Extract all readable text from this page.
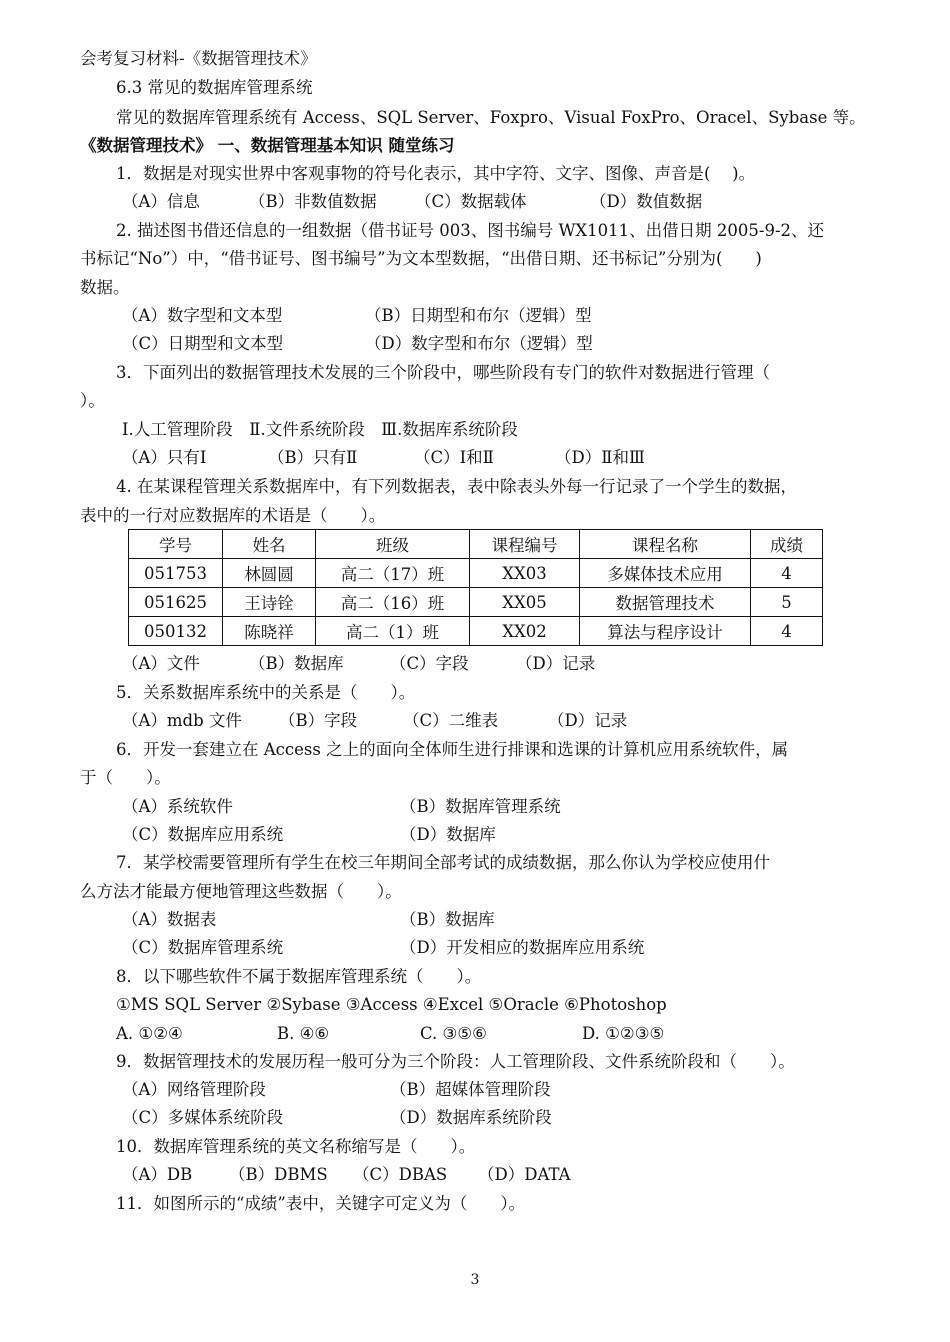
会考复习材料-《数据管理技术》
6.3 常见的数据库管理系统
常见的数据库管理系统有 Access、SQL Server、Foxpro、Visual FoxPro、Oracel、Sybase 等。
《数据管理技术》 一、数据管理基本知识 随堂练习
1．数据是对现实世界中客观事物的符号化表示，其中字符、文字、图像、声音是(　 )。
（A）信息	（B）非数值数据 （C）数据载体	（D）数值数据
2. 描述图书借还信息的一组数据（借书证号 003、图书编号 WX1011、出借日期 2005-9-2、还
书标记“No”）中，“借书证号、图书编号”为文本型数据，“出借日期、还书标记”分别为(　　)
数据。
（A）数字型和文本型	（B）日期型和布尔（逻辑）型
（C）日期型和文本型	（D）数字型和布尔（逻辑）型
3．下面列出的数据管理技术发展的三个阶段中，哪些阶段有专门的软件对数据进行管理（
）。
Ⅰ.人工管理阶段　Ⅱ.文件系统阶段　Ⅲ.数据库系统阶段
（A）只有Ⅰ	（B）只有Ⅱ	（C）Ⅰ和Ⅱ	（D）Ⅱ和Ⅲ
4. 在某课程管理关系数据库中，有下列数据表，表中除表头外每一行记录了一个学生的数据，
表中的一行对应数据库的术语是（　　）。
学号	姓名	班级	课程编号	课程名称	成绩
051753	林圆圆	高二（17）班	XX03	多媒体技术应用	4
051625	王诗铨	高二（16）班	XX05	数据管理技术	5
050132	陈晓祥	高二（1）班	XX02	算法与程序设计	4
（A）文件	（B）数据库	（C）字段	（D）记录
5．关系数据库系统中的关系是（　　）。
（A）mdb 文件 （B）字段	（C）二维表	（D）记录
6．开发一套建立在 Access 之上的面向全体师生进行排课和选课的计算机应用系统软件，属
于（　　）。
（A）系统软件	（B）数据库管理系统
（C）数据库应用系统	（D）数据库
7．某学校需要管理所有学生在校三年期间全部考试的成绩数据，那么你认为学校应使用什
么方法才能最方便地管理这些数据（　　）。
（A）数据表	（B）数据库
（C）数据库管理系统	（D）开发相应的数据库应用系统
8．以下哪些软件不属于数据库管理系统（　　）。
①MS SQL Server ②Sybase ③Access ④Excel ⑤Oracle ⑥Photoshop
A. ①②④	B. ④⑥	C. ③⑤⑥	D. ①②③⑤
9．数据管理技术的发展历程一般可分为三个阶段：人工管理阶段、文件系统阶段和（　　）。
（A）网络管理阶段	（B）超媒体管理阶段
（C）多媒体系统阶段	（D）数据库系统阶段
10．数据库管理系统的英文名称缩写是（　　）。
（A）DB （B）DBMS （C）DBAS （D）DATA
11．如图所示的“成绩”表中，关键字可定义为（　　）。
3
